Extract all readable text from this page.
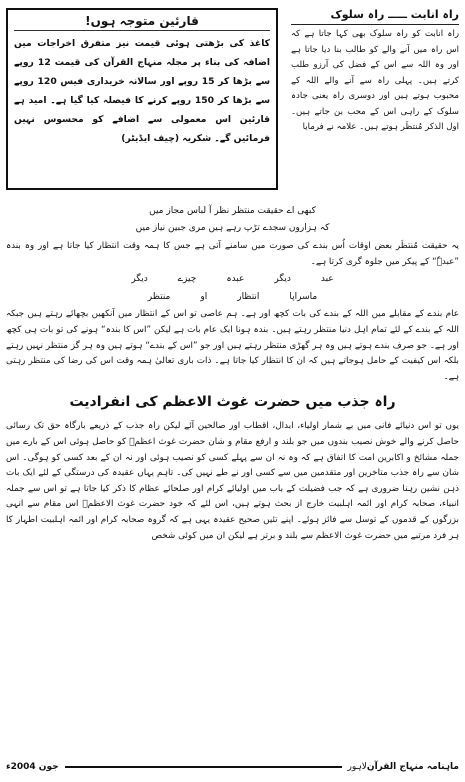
راہ انابت ـــــ راہ سلوک
راہ انابت کو راہ سلوک بھی کہا جاتا ہے کہ اس راہ میں آنے والے کو طالب بنا دیا جاتا ہے اور وہ اللہ سے اس کے فضل کی آرزو طلب کرتے ہیں۔ پہلی راہ سے آنے والے اللہ کے محبوب ہوتے ہیں اور دوسری راہ یعنی جادہ سلوک کے راہی اس کے محب بن جاتے ہیں۔ اول الذکر مُنتظَر ہوتے ہیں۔ علامہ نے فرمایا
قارئین متوجہ ہوں!
کاغذ کی بڑھتی ہوئی قیمت نیز متفرق اخراجات میں اضافہ کی بناء پر مجلہ منہاج القرآن کی قیمت 12 روپے سے بڑھا کر 15 روپے اور سالانہ خریداری فیس 120 روپے سے بڑھا کر 150 روپے کرنے کا فیصلہ کیا گیا ہے۔ امید ہے قارئین اس معمولی سے اضافے کو محسوس نہیں فرمائیں گے۔ شکریہ (چیف ایڈیٹر)
کبھی اے حقیقت منتظر نظر آ لباس مجاز میں
کہ ہزاروں سجدے تڑپ رہے ہیں مری جبین نیاز میں
یہ حقیقت مُنتظَر بعض اوقات اُس بندے کی صورت میں سامنے آتی ہے جس کا ہمہ وقت انتظار کیا جاتا ہے اور وہ بندہ ”عبدہٗ“ کے پیکر میں جلوہ گری کرتا ہے۔
عبد
دیگر
عبدہ
چیزے
دیگر
ماسراپا
انتظار
او
منتظر
عام بندے کے مقابلے میں اللہ کے بندے کی بات کچھ اور ہے۔ ہم عاصی تو اس کے انتظار میں آنکھیں بچھائے رہتے ہیں جبکہ اللہ کے بندے کے لئے تمام اہل دنیا منتظر رہتے ہیں۔ بندہ ہونا ایک عام بات ہے لیکن ”اس کا بندہ“ ہونے کی تو بات ہی کچھ اور ہے۔ جو صرف بندے ہوتے ہیں وہ ہر گھڑی منتظر رہتے ہیں اور جو ”اس کے بندے“ ہوتے ہیں وہ ہر گز منتظر نہیں رہتے بلکہ اس کیفیت کے حامل ہوجاتے ہیں کہ ان کا انتظار کیا جاتا ہے۔ ذات باری تعالیٰ ہمہ وقت اس کی رضا کی منتظر رہتی ہے۔
راہ جذب میں حضرت غوث الاعظم کی انفرادیت
یوں تو اس دنیائے فانی میں بے شمار اولیاء، ابدال، اقطاب اور صالحین آئے لیکن راہ جذب کے ذریعے بارگاہ حق تک رسائی حاصل کرنے والے خوش نصیب بندوں میں جو بلند و ارفع مقام و شان حضرت غوث اعظمؓ کو حاصل ہوئی اس کے بارے میں جملہ مشائخ و اکابرین امت کا اتفاق ہے کہ وہ نہ ان سے پہلے کسی کو نصیب ہوئی اور نہ ان کے بعد کسی کو ہوگی۔ اس شان سے راہ جذب متاخرین اور متقدمین میں سے کسی اور نے طے نہیں کی۔ تاہم یہاں عقیدہ کی درستگی کے لئے ایک بات ذہن نشین رہنا ضروری ہے کہ جب فضیلت کے باب میں اولیائے کرام اور صلحائے عظام کا ذکر کیا جاتا ہے تو اس سے جملہ انبیاء، صحابہ کرام اور ائمہ اہلبیت خارج از بحث ہوتے ہیں، اس لئے کہ خود حضرت غوث الاعظمؓ اس مقام سے انہی بزرگوں کے قدموں کے توسل سے فائز ہوئے۔ اپنے تئیں صحیح عقیدہ یہی ہے کہ گروہ صحابہ کرام اور ائمہ اہلبیت اطہار کا ہر فرد مرتبے میں حضرت غوث الاعظم سے بلند و برتر ہے لیکن ان میں کوئی شخص
ماہنامہ منہاج القرآن
لاہور
جون 2004ء
